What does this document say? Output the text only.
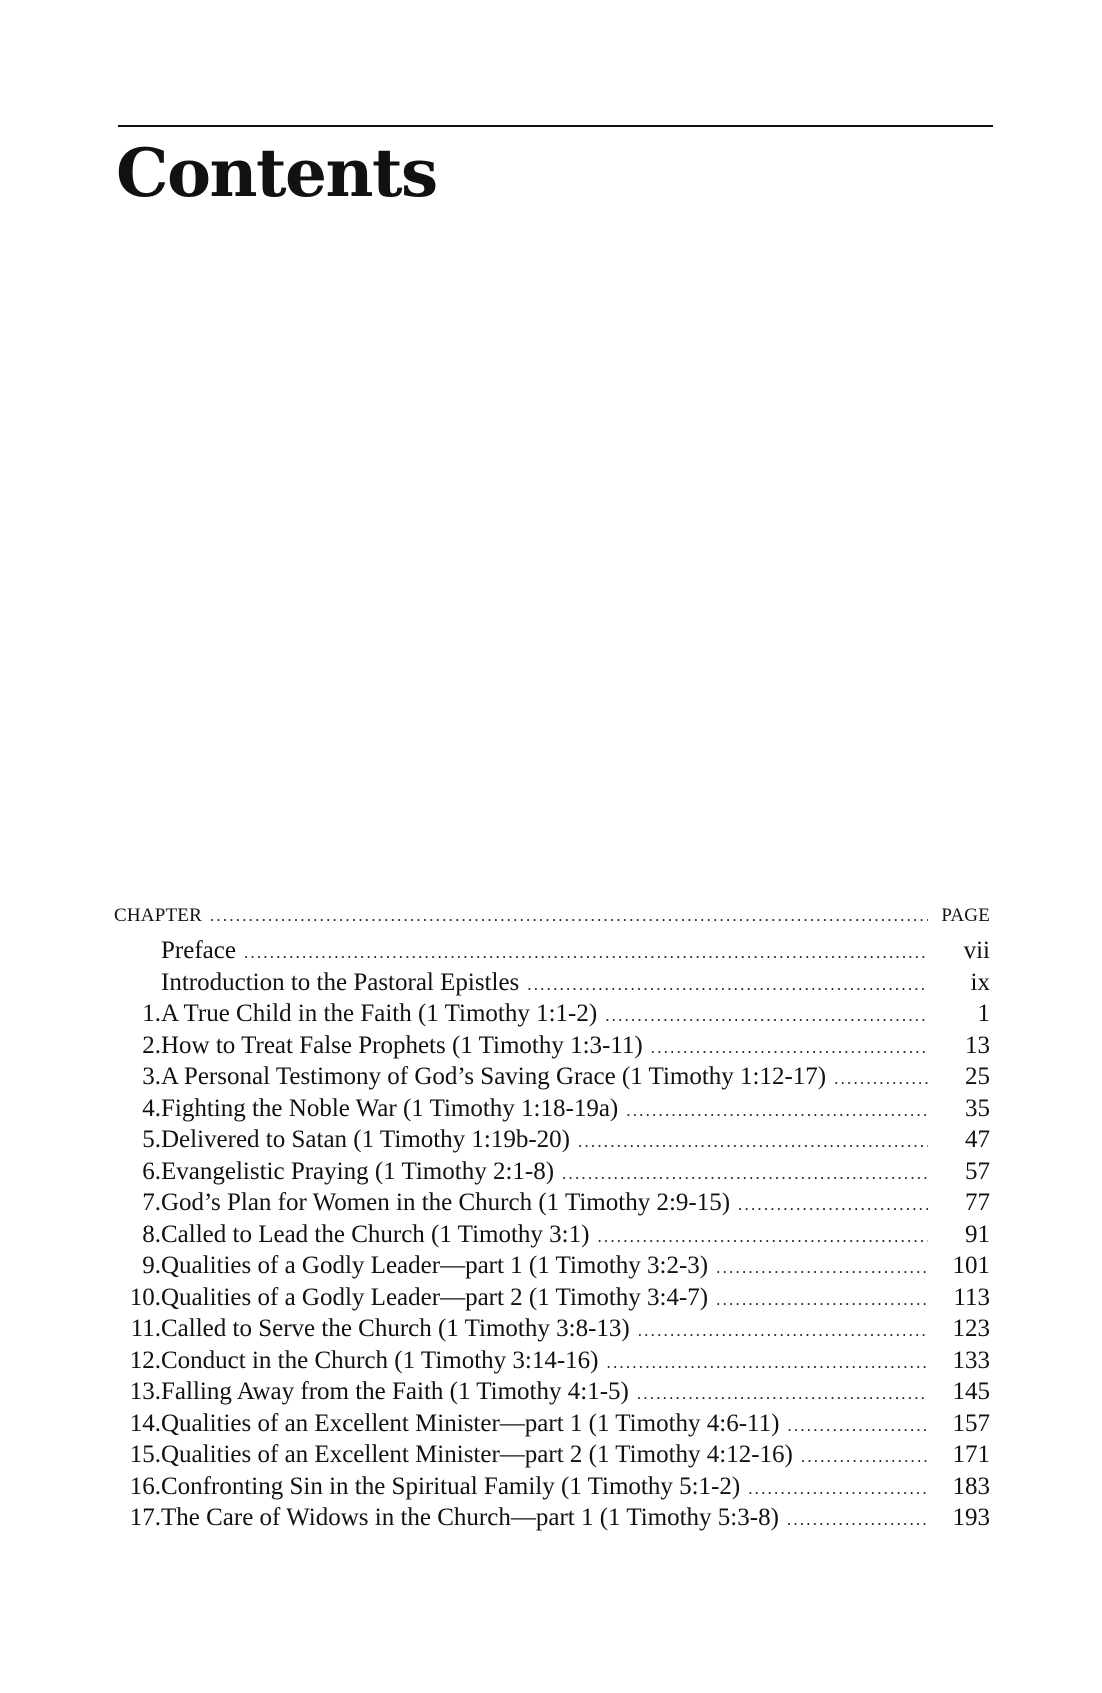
Contents
CHAPTER .....	PAGE
Preface .....	vii
Introduction to the Pastoral Epistles .....	ix
1. A True Child in the Faith (1 Timothy 1:1-2) .....	1
2. How to Treat False Prophets (1 Timothy 1:3-11) .....	13
3. A Personal Testimony of God’s Saving Grace (1 Timothy 1:12-17) .....	25
4. Fighting the Noble War (1 Timothy 1:18-19a) .....	35
5. Delivered to Satan (1 Timothy 1:19b-20) .....	47
6. Evangelistic Praying (1 Timothy 2:1-8) .....	57
7. God’s Plan for Women in the Church (1 Timothy 2:9-15) .....	77
8. Called to Lead the Church (1 Timothy 3:1) .....	91
9. Qualities of a Godly Leader—part 1 (1 Timothy 3:2-3) .....	101
10. Qualities of a Godly Leader—part 2 (1 Timothy 3:4-7) .....	113
11. Called to Serve the Church (1 Timothy 3:8-13) .....	123
12. Conduct in the Church (1 Timothy 3:14-16) .....	133
13. Falling Away from the Faith (1 Timothy 4:1-5) .....	145
14. Qualities of an Excellent Minister—part 1 (1 Timothy 4:6-11) .....	157
15. Qualities of an Excellent Minister—part 2 (1 Timothy 4:12-16) .....	171
16. Confronting Sin in the Spiritual Family (1 Timothy 5:1-2) .....	183
17. The Care of Widows in the Church—part 1 (1 Timothy 5:3-8) .....	193
